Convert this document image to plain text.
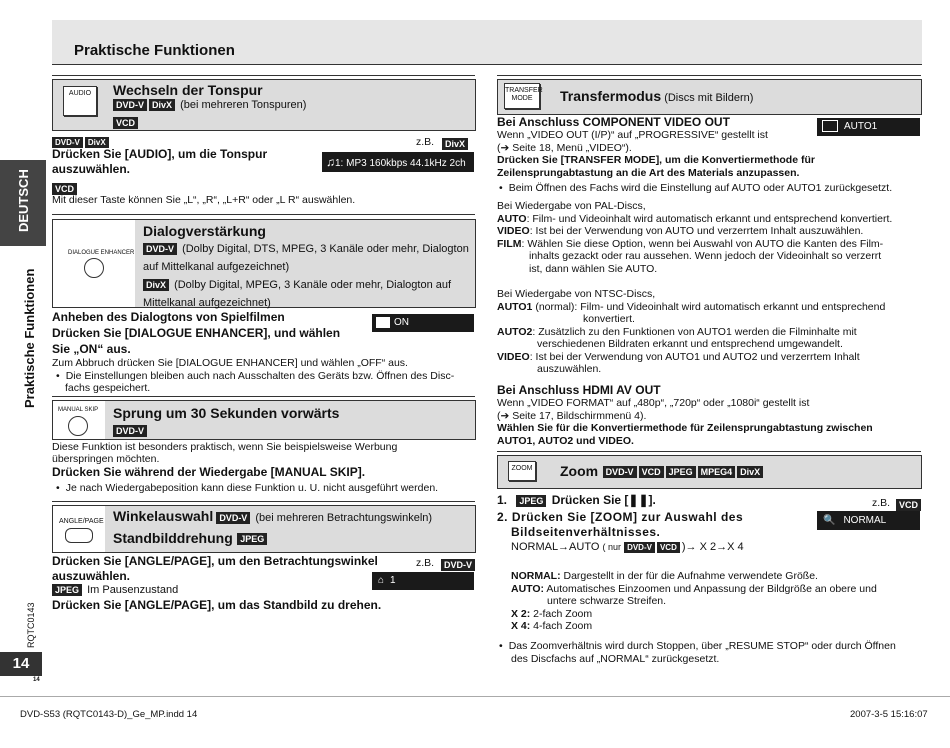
Praktische Funktionen
DEUTSCH
Praktische Funktionen
RQTC0143
14
14
DVD-S53 (RQTC0143-D)_Ge_MP.indd 14	2007-3-5 15:16:07
AUDIO	Wechseln der Tonspur
DVD-V DivX (bei mehreren Tonspuren)
VCD
DVD-V DivX	z.B.	DivX
Drücken Sie [AUDIO], um die Tonspur auszuwählen.	♫1: MP3 160kbps 44.1kHz 2ch
VCD
Mit dieser Taste können Sie „L“, „R“, „L+R“ oder „L R“ auswählen.
DIALOGUE ENHANCER
Dialogverstärkung
DVD-V (Dolby Digital, DTS, MPEG, 3 Kanäle oder mehr, Dialogton
auf Mittelkanal aufgezeichnet)
DivX (Dolby Digital, MPEG, 3 Kanäle oder mehr, Dialogton auf
Mittelkanal aufgezeichnet)
Anheben des Dialogtons von Spielfilmen
Drücken Sie [DIALOGUE ENHANCER], und wählen
Sie „ON“ aus.
ON
Zum Abbruch drücken Sie [DIALOGUE ENHANCER] und wählen „OFF“ aus.
• Die Einstellungen bleiben auch nach Ausschalten des Geräts bzw. Öffnen des Disc-
fachs gespeichert.
MANUAL SKIP Sprung um 30 Sekunden vorwärts
DVD-V
Diese Funktion ist besonders praktisch, wenn Sie beispielsweise Werbung
überspringen möchten.
Drücken Sie während der Wiedergabe [MANUAL SKIP].
• Je nach Wiedergabeposition kann diese Funktion u. U. nicht ausgeführt werden.
ANGLE/PAGE Winkelauswahl DVD-V (bei mehreren Betrachtungswinkeln)
Standbilddrehung JPEG
Drücken Sie [ANGLE/PAGE], um den Betrachtungswinkel
auszuwählen.
z.B.	DVD-V
⌂ 1
JPEG Im Pausenzustand
Drücken Sie [ANGLE/PAGE], um das Standbild zu drehen.
TRANSFER MODE	Transfermodus (Discs mit Bildern)
Bei Anschluss COMPONENT VIDEO OUT
Wenn „VIDEO OUT (I/P)“ auf „PROGRESSIVE“ gestellt ist
(➔ Seite 18, Menü „VIDEO“).
AUTO1
Drücken Sie [TRANSFER MODE], um die Konvertiermethode für
Zeilensprungabtastung an die Art des Materials anzupassen.
• Beim Öffnen des Fachs wird die Einstellung auf AUTO oder AUTO1 zurückgesetzt.
Bei Wiedergabe von PAL-Discs,
AUTO: Film- und Videoinhalt wird automatisch erkannt und entsprechend konvertiert.
VIDEO: Ist bei der Verwendung von AUTO und verzerrtem Inhalt auszuwählen.
FILM: Wählen Sie diese Option, wenn bei Auswahl von AUTO die Kanten des Film-
inhalts gezackt oder rau aussehen. Wenn jedoch der Videoinhalt so verzerrt
ist, dann wählen Sie AUTO.
Bei Wiedergabe von NTSC-Discs,
AUTO1 (normal): Film- und Videoinhalt wird automatisch erkannt und entsprechend
konvertiert.
AUTO2: Zusätzlich zu den Funktionen von AUTO1 werden die Filminhalte mit
verschiedenen Bildraten erkannt und entsprechend umgewandelt.
VIDEO: Ist bei der Verwendung von AUTO1 und AUTO2 und verzerrtem Inhalt
auszuwählen.
Bei Anschluss HDMI AV OUT
Wenn „VIDEO FORMAT“ auf „480p“, „720p“ oder „1080i“ gestellt ist
(➔ Seite 17, Bildschirmmenü 4).
Wählen Sie für die Konvertiermethode für Zeilensprungabtastung zwischen
AUTO1, AUTO2 und VIDEO.
ZOOM Zoom DVD-V VCD JPEG MPEG4 DivX
1. JPEG Drücken Sie [❚❚].	z.B. VCD
2. Drücken Sie [ZOOM] zur Auswahl des
Bildseitenverhältnisses.
🔍 NORMAL
NORMAL→AUTO ( nur DVD-V VCD )→ X 2→X 4
NORMAL: Dargestellt in der für die Aufnahme verwendete Größe.
AUTO: Automatisches Einzoomen und Anpassung der Bildgröße an obere und
untere schwarze Streifen.
X 2: 2-fach Zoom
X 4: 4-fach Zoom
• Das Zoomverhältnis wird durch Stoppen, über „RESUME STOP“ oder durch Öffnen
des Discfachs auf „NORMAL“ zurückgesetzt.
